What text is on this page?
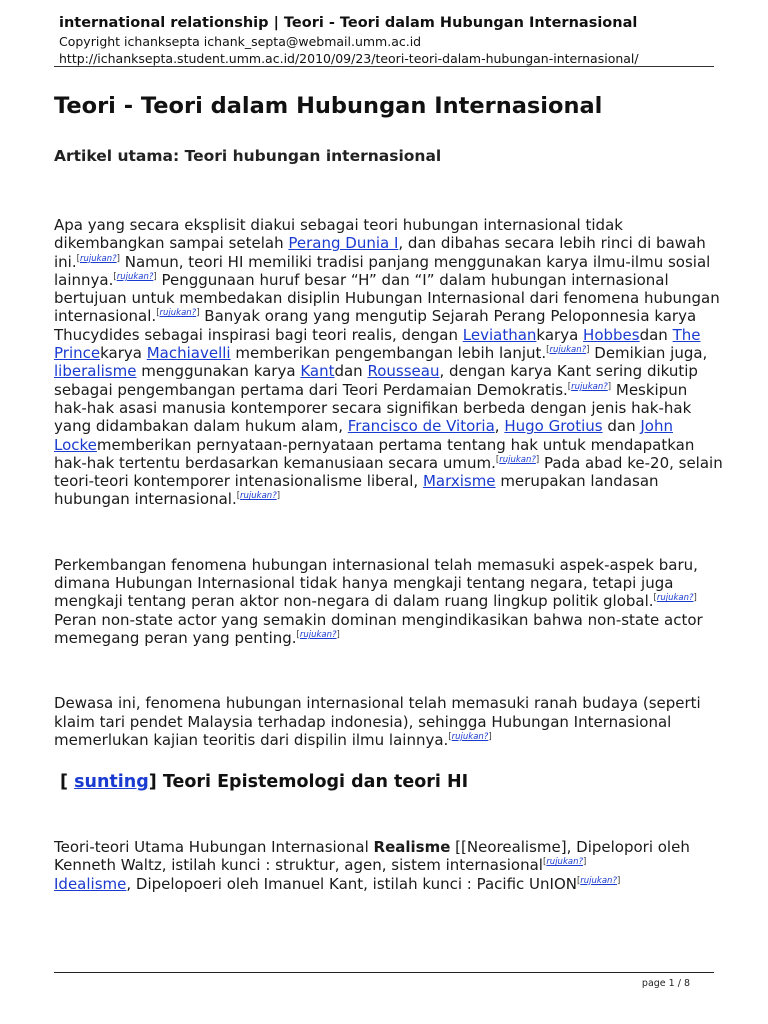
international relationship | Teori - Teori dalam Hubungan Internasional
Copyright ichanksepta ichank_septa@webmail.umm.ac.id
http://ichanksepta.student.umm.ac.id/2010/09/23/teori-teori-dalam-hubungan-internasional/
Teori - Teori dalam Hubungan Internasional
Artikel utama: Teori hubungan internasional

Apa yang secara eksplisit diakui sebagai teori hubungan internasional tidak dikembangkan sampai setelah Perang Dunia I, dan dibahas secara lebih rinci di bawah ini.[rujukan?] Namun, teori HI memiliki tradisi panjang menggunakan karya ilmu-ilmu sosial lainnya.[rujukan?] Penggunaan huruf besar “H” dan “I” dalam hubungan internasional bertujuan untuk membedakan disiplin Hubungan Internasional dari fenomena hubungan internasional.[rujukan?] Banyak orang yang mengutip Sejarah Perang Peloponnesia karya Thucydides sebagai inspirasi bagi teori realis, dengan Leviathankarya Hobbesdan The Princekarya Machiavelli memberikan pengembangan lebih lanjut.[rujukan?] Demikian juga, liberalisme menggunakan karya Kantdan Rousseau, dengan karya Kant sering dikutip sebagai pengembangan pertama dari Teori Perdamaian Demokratis.[rujukan?] Meskipun hak-hak asasi manusia kontemporer secara signifikan berbeda dengan jenis hak-hak yang didambakan dalam hukum alam, Francisco de Vitoria, Hugo Grotius dan John Lockememberikan pernyataan-pernyataan pertama tentang hak untuk mendapatkan hak-hak tertentu berdasarkan kemanusiaan secara umum.[rujukan?] Pada abad ke-20, selain teori-teori kontemporer intenasionalisme liberal, Marxisme merupakan landasan hubungan internasional.[rujukan?]

Perkembangan fenomena hubungan internasional telah memasuki aspek-aspek baru, dimana Hubungan Internasional tidak hanya mengkaji tentang negara, tetapi juga mengkaji tentang peran aktor non-negara di dalam ruang lingkup politik global.[rujukan?] Peran non-state actor yang semakin dominan mengindikasikan bahwa non-state actor memegang peran yang penting.[rujukan?]

Dewasa ini, fenomena hubungan internasional telah memasuki ranah budaya (seperti klaim tari pendet Malaysia terhadap indonesia), sehingga Hubungan Internasional memerlukan kajian teoritis dari dispilin ilmu lainnya.[rujukan?]

[ sunting] Teori Epistemologi dan teori HI

Teori-teori Utama Hubungan Internasional Realisme [[Neorealisme], Dipelopori oleh Kenneth Waltz, istilah kunci : struktur, agen, sistem internasional[rujukan?]
Idealisme, Dipelopoeri oleh Imanuel Kant, istilah kunci : Pacific UnION[rujukan?]

page 1 / 8
